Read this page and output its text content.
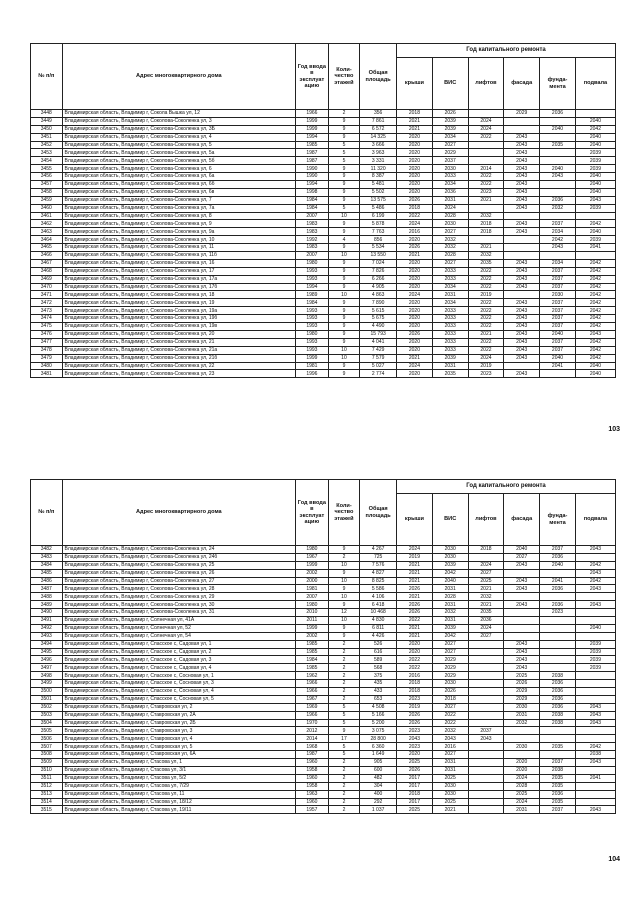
№ п/п	Адрес многоквартирного дома	Год ввода в эксплуат ацию	Коли-чество этажей	Общая площадь	Год капитального ремонта					
					крыши	ВИС	лифтов	фасада	фунда-мента	подвала
3448	Владимирская область, Владимир г, Сокола Вышка ул, 12	1966	2	356	2018	2026		2029	2036	
3449	Владимирская область, Владимир г, Соколова-Соколенка ул, 3	1999	9	7 861	2021	2039	2024			2040
3450	Владимирская область, Владимир г, Соколова-Соколенка ул, 3Б	1999	9	6 572	2021	2039	2024		2040	2042
3451	Владимирская область, Владимир г, Соколова-Соколенка ул, 4	1994	9	14 325	2020	2034	2022	2043		2040
3452	Владимирская область, Владимир г, Соколова-Соколенка ул, 5	1985	5	3 666	2020	2027		2043	2035	2040
3453	Владимирская область, Владимир г, Соколова-Соколенка ул, 5а	1987	5	3 963	2020	2029		2043		2039
3454	Владимирская область, Владимир г, Соколова-Соколенка ул, 5б	1987	5	3 331	2020	2037		2043		2039
3455	Владимирская область, Владимир г, Соколова-Соколенка ул, 6	1990	9	11 320	2020	2030	2014	2043	2040	2039
3456	Владимирская область, Владимир г, Соколова-Соколенка ул, 6а	1990	9	8 387	2020	2033	2022	2043	2043	2040
3457	Владимирская область, Владимир г, Соколова-Соколенка ул, 6б	1994	9	5 481	2020	2034	2022	2043		2040
3458	Владимирская область, Владимир г, Соколова-Соколенка ул, 6в	1998	9	5 502	2020	2036	2023	2043		2040
3459	Владимирская область, Владимир г, Соколова-Соколенка ул, 7	1984	9	13 575	2026	2031	2021	2043	2036	2043
3460	Владимирская область, Владимир г, Соколова-Соколенка ул, 7а	1984	5	5 486	2018	2024		2043	2032	2039
3461	Владимирская область, Владимир г, Соколова-Соколенка ул, 8	2007	10	6 199	2022	2028	2032			
3462	Владимирская область, Владимир г, Соколова-Соколенка ул, 9	1983	9	5 878	2024	2030	2018	2043	2037	2042
3463	Владимирская область, Владимир г, Соколова-Соколенка ул, 9а	1983	9	7 763	2016	2027	2018	2043	2034	2040
3464	Владимирская область, Владимир г, Соколова-Соколенка ул, 10	1992	4	856	2020	2032			2042	2039
3465	Владимирская область, Владимир г, Соколова-Соколенка ул, 11	1983	9	5 534	2026	2032	2021		2043	2041
3466	Владимирская область, Владимир г, Соколова-Соколенка ул, 11б	2007	10	13 550	2021	2028	2032			
3467	Владимирская область, Владимир г, Соколова-Соколенка ул, 16	1980	9	7 024	2020	2027	2035	2043	2034	2042
3468	Владимирская область, Владимир г, Соколова-Соколенка ул, 17	1993	9	7 826	2020	2033	2022	2043	2037	2042
3469	Владимирская область, Владимир г, Соколова-Соколенка ул, 17а	1993	9	6 266	2020	2033	2022	2043	2037	2042
3470	Владимирская область, Владимир г, Соколова-Соколенка ул, 17б	1994	9	4 905	2020	2034	2022	2043	2037	2042
3471	Владимирская область, Владимир г, Соколова-Соколенка ул, 18	1989	10	4 863	2024	2031	2019		2030	2042
3472	Владимирская область, Владимир г, Соколова-Соколенка ул, 19	1984	9	7 890	2020	2034	2022	2043	2037	2042
3473	Владимирская область, Владимир г, Соколова-Соколенка ул, 19а	1993	9	5 615	2020	2033	2022	2043	2037	2042
3474	Владимирская область, Владимир г, Соколова-Соколенка ул, 19б	1993	9	5 675	2020	2033	2022	2043	2037	2042
3475	Владимирская область, Владимир г, Соколова-Соколенка ул, 19в	1993	9	4 490	2020	2033	2022	2043	2037	2042
3476	Владимирская область, Владимир г, Соколова-Соколенка ул, 20	1980	9	15 793	2026	2033	2021	2043	2040	2043
3477	Владимирская область, Владимир г, Соколова-Соколенка ул, 21	1993	9	4 041	2020	2033	2022	2043	2037	2042
3478	Владимирская область, Владимир г, Соколова-Соколенка ул, 21а	1993	10	7 429	2020	2033	2022	2043	2037	2042
3479	Владимирская область, Владимир г, Соколова-Соколенка ул, 21б	1999	10	7 579	2021	2039	2024	2043	2040	2042
3480	Владимирская область, Владимир г, Соколова-Соколенка ул, 22	1981	9	5 027	2024	2031	2019		2041	2040
3481	Владимирская область, Владимир г, Соколова-Соколенка ул, 23	1996	9	2 774	2020	2035	2023	2043		2040
103
№ п/п	Адрес многоквартирного дома	Год ввода в эксплуат ацию	Коли-чество этажей	Общая площадь	Год капитального ремонта					
					крыши	ВИС	лифтов	фасада	фунда-мента	подвала
3482	Владимирская область, Владимир г, Соколова-Соколенка ул, 24	1980	9	4 267	2024	2030	2018	2040	2037	2043
3483	Владимирская область, Владимир г, Соколова-Соколенка ул, 24б	1967	2	725	2019	2030		2027	2036	
3484	Владимирская область, Владимир г, Соколова-Соколенка ул, 25	1999	10	7 576	2021	2039	2024	2043	2040	2042
3485	Владимирская область, Владимир г, Соколова-Соколенка ул, 26	2002	9	4 827	2021	2042	2027			2043
3486	Владимирская область, Владимир г, Соколова-Соколенка ул, 27	2000	10	8 825	2021	2040	2025	2043	2041	2042
3487	Владимирская область, Владимир г, Соколова-Соколенка ул, 28	1981	9	5 586	2026	2031	2021	2043	2036	2043
3488	Владимирская область, Владимир г, Соколова-Соколенка ул, 29	2007	10	4 106	2021	2028	2032			
3489	Владимирская область, Владимир г, Соколова-Соколенка ул, 30	1980	9	6 418	2026	2031	2021	2043	2036	2043
3490	Владимирская область, Владимир г, Соколова-Соколенка ул, 31	2010	12	10 468	2026	2032	2035		2023	
3491	Владимирская область, Владимир г, Солнечная ул, 41А	2011	10	4 830	2022	2031	2036			
3492	Владимирская область, Владимир г, Солнечная ул, 52	1999	9	6 811	2021	2039	2024			2040
3493	Владимирская область, Владимир г, Солнечная ул, 54	2002	9	4 426	2021	2042	2027			
3494	Владимирская область, Владимир г, Спасское с, Садовая ул, 1	1985	2	526	2020	2027		2043		2039
3495	Владимирская область, Владимир г, Спасское с, Садовая ул, 2	1985	2	616	2020	2027		2043		2039
3496	Владимирская область, Владимир г, Спасское с, Садовая ул, 3	1984	2	589	2022	2029		2043		2039
3497	Владимирская область, Владимир г, Спасское с, Садовая ул, 4	1985	2	568	2022	2029		2043		2039
3498	Владимирская область, Владимир г, Спасское с, Сосновая ул, 1	1962	2	375	2016	2029		2025	2038	
3499	Владимирская область, Владимир г, Спасское с, Сосновая ул, 3	1966	2	435	2018	2030		2026	2036	
3500	Владимирская область, Владимир г, Спасское с, Сосновая ул, 4	1966	2	433	2018	2026		2029	2036	
3501	Владимирская область, Владимир г, Спасское с, Сосновая ул, 5	1967	2	653	2023	2018		2029	2036	
3502	Владимирская область, Владимир г, Ставровская ул, 2	1969	5	4 508	2019	2027		2030	2036	2043
3503	Владимирская область, Владимир г, Ставровская ул, 2А	1966	5	5 166	2026	2022		2031	2038	2043
3504	Владимирская область, Владимир г, Ставровская ул, 2Б	1970	5	5 200	2026	2022		2032	2038	2043
3505	Владимирская область, Владимир г, Ставровская ул, 3	2012	9	3 075	2023	2032	2037			
3506	Владимирская область, Владимир г, Ставровская ул, 4	2014	17	28 800	2043	2043	2043			
3507	Владимирская область, Владимир г, Ставровская ул, 5	1968	5	6 360	2023	2016		2030	2035	2042
3508	Владимирская область, Владимир г, Ставровская ул, 6А	1987	5	1 649	2020	2027				2038
3509	Владимирская область, Владимир г, Стасова ул, 1	1960	2	905	2025	2031		2020	2037	2043
3510	Владимирская область, Владимир г, Стасова ул, 3/1	1958	2	600	2026	2031		2020	2038	
3511	Владимирская область, Владимир г, Стасова ул, 5/2	1960	2	482	2017	2025		2024	2035	2041
3512	Владимирская область, Владимир г, Стасова ул, 7/29	1958	2	304	2017	2030		2028	2035	
3513	Владимирская область, Владимир г, Стасова ул, 11	1963	2	400	2018	2030		2025	2036	
3514	Владимирская область, Владимир г, Стасова ул, 18/12	1960	2	292	2017	2025		2024	2035	
3515	Владимирская область, Владимир г, Стасова ул, 19/11	1957	2	1 037	2025	2021		2031	2037	2043
104
